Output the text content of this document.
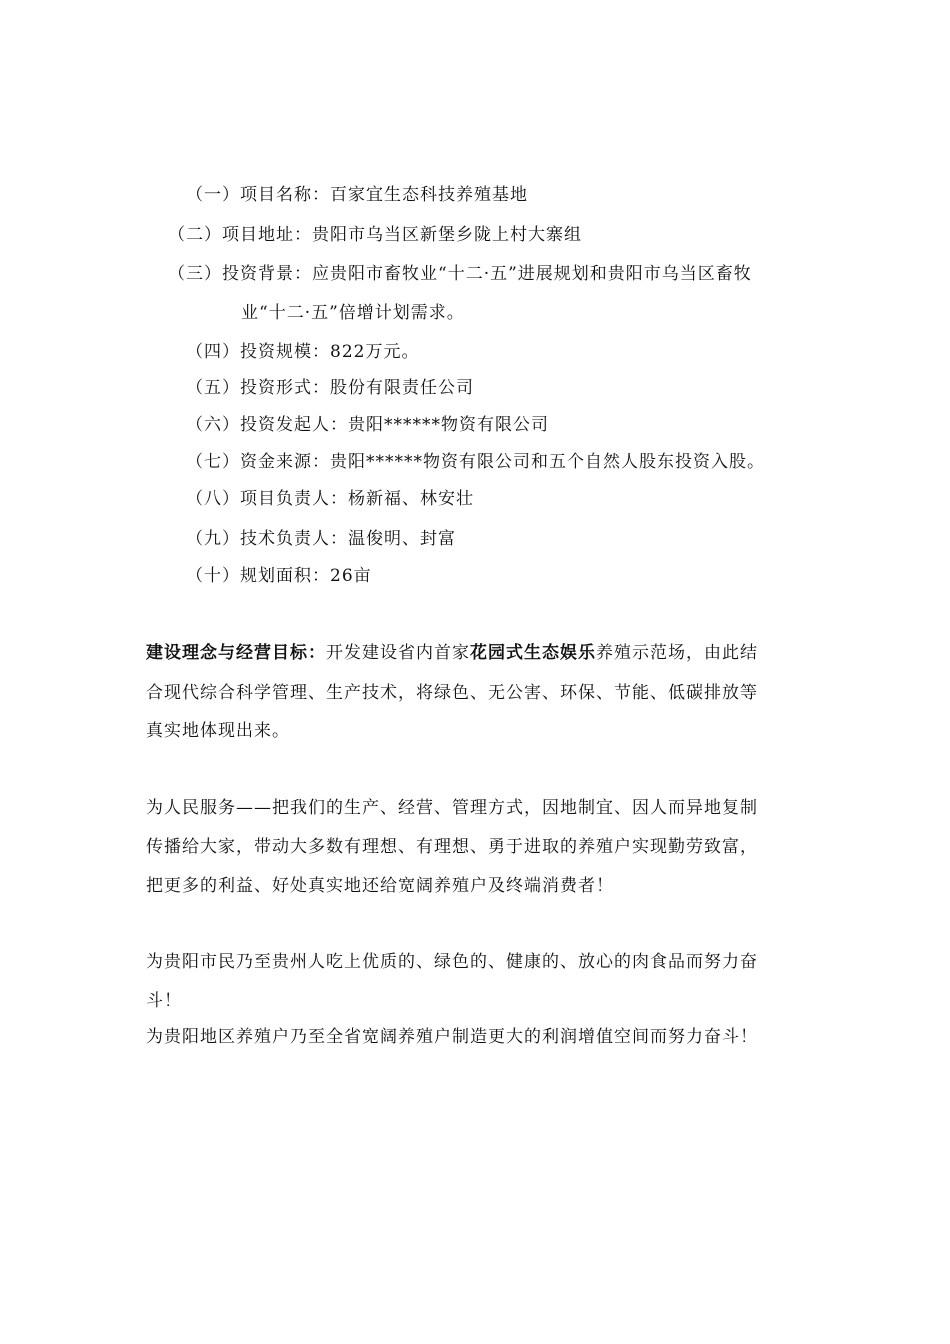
（一）项目名称：百家宜生态科技养殖基地
（二）项目地址：贵阳市乌当区新堡乡陇上村大寨组
（三）投资背景：应贵阳市畜牧业“十二·五”进展规划和贵阳市乌当区畜牧
业“十二·五”倍增计划需求。
（四）投资规模：822万元。
（五）投资形式：股份有限责任公司
（六）投资发起人：贵阳******物资有限公司
（七）资金来源：贵阳******物资有限公司和五个自然人股东投资入股。
（八）项目负责人：杨新福、林安壮
（九）技术负责人：温俊明、封富
（十）规划面积：26亩
建设理念与经营目标：开发建设省内首家花园式生态娱乐养殖示范场，由此结
合现代综合科学管理、生产技术，将绿色、无公害、环保、节能、低碳排放等
真实地体现出来。
为人民服务——把我们的生产、经营、管理方式，因地制宜、因人而异地复制
传播给大家，带动大多数有理想、有理想、勇于进取的养殖户实现勤劳致富，
把更多的利益、好处真实地还给宽阔养殖户及终端消费者！
为贵阳市民乃至贵州人吃上优质的、绿色的、健康的、放心的肉食品而努力奋
斗！
为贵阳地区养殖户乃至全省宽阔养殖户制造更大的利润增值空间而努力奋斗！
